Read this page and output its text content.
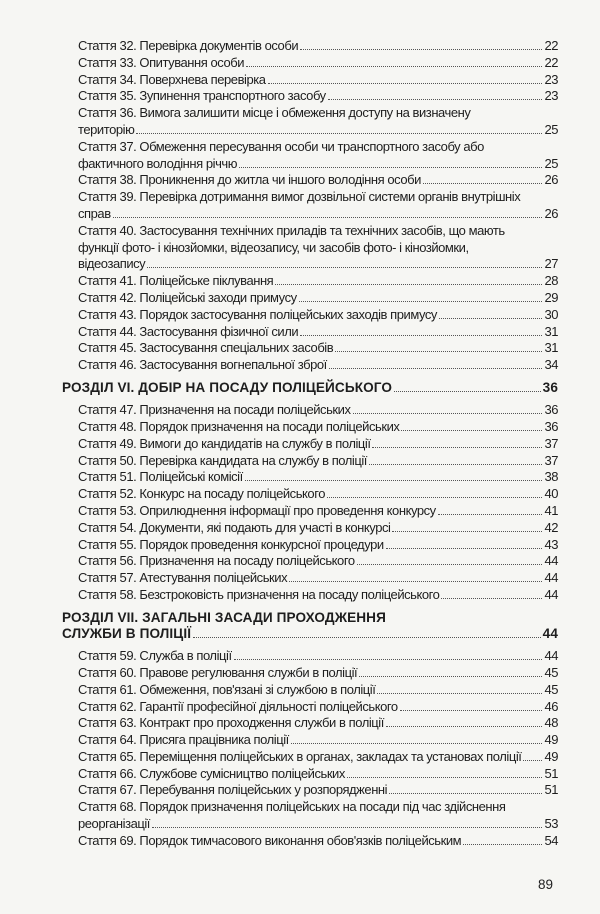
Стаття 32. Перевірка документів особи	22
Стаття 33. Опитування особи	22
Стаття 34. Поверхнева перевірка	23
Стаття 35. Зупинення транспортного засобу	23
Стаття 36. Вимога залишити місце і обмеження доступу на визначену
територію	25
Стаття 37. Обмеження пересування особи чи транспортного засобу або
фактичного володіння річчю	25
Стаття 38. Проникнення до житла чи іншого володіння особи	26
Стаття 39. Перевірка дотримання вимог дозвільної системи органів внутрішніх
справ	26
Стаття 40. Застосування технічних приладів та технічних засобів, що мають
функції фото- і кінозйомки, відеозапису, чи засобів фото- і кінозйомки,
відеозапису	27
Стаття 41. Поліцейське піклування	28
Стаття 42. Поліцейські заходи примусу	29
Стаття 43. Порядок застосування поліцейських заходів примусу	30
Стаття 44. Застосування фізичної сили	31
Стаття 45. Застосування спеціальних засобів	31
Стаття 46. Застосування вогнепальної зброї	34
РОЗДІЛ VI. ДОБІР НА ПОСАДУ ПОЛІЦЕЙСЬКОГО	36
Стаття 47. Призначення на посади поліцейських	36
Стаття 48. Порядок призначення на посади поліцейських	36
Стаття 49. Вимоги до кандидатів на службу в поліції	37
Стаття 50. Перевірка кандидата на службу в поліції	37
Стаття 51. Поліцейські комісії	38
Стаття 52. Конкурс на посаду поліцейського	40
Стаття 53. Оприлюднення інформації про проведення конкурсу	41
Стаття 54. Документи, які подають для участі в конкурсі	42
Стаття 55. Порядок проведення конкурсної процедури	43
Стаття 56. Призначення на посаду поліцейського	44
Стаття 57. Атестування поліцейських	44
Стаття 58. Безстроковість призначення на посаду поліцейського	44
РОЗДІЛ VII. ЗАГАЛЬНІ ЗАСАДИ ПРОХОДЖЕННЯ
СЛУЖБИ В ПОЛІЦІЇ	44
Стаття 59. Служба в поліції	44
Стаття 60. Правове регулювання служби в поліції	45
Стаття 61. Обмеження, пов'язані зі службою в поліції	45
Стаття 62. Гарантії професійної діяльності поліцейського	46
Стаття 63. Контракт про проходження служби в поліції	48
Стаття 64. Присяга працівника поліції	49
Стаття 65. Переміщення поліцейських в органах, закладах та установах поліції 49
Стаття 66. Службове сумісництво поліцейських	51
Стаття 67. Перебування поліцейських у розпорядженні	51
Стаття 68. Порядок призначення поліцейських на посади під час здійснення
реорганізації	53
Стаття 69. Порядок тимчасового виконання обов'язків поліцейським	54
89
